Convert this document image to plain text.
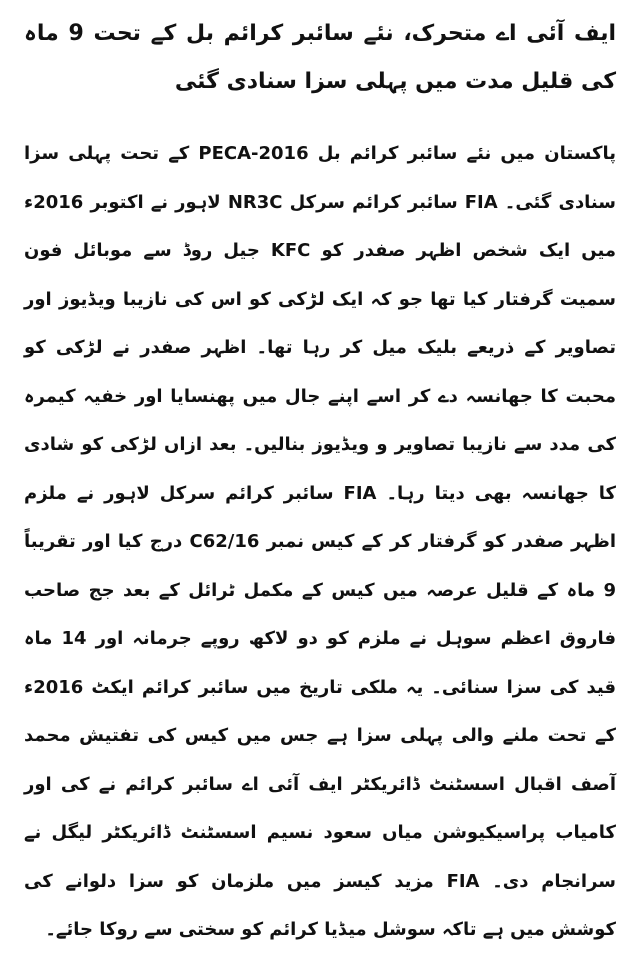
ایف آئی اے متحرک، نئے سائبر کرائم بل کے تحت 9 ماہ کی قلیل مدت میں پہلی سزا سنادی گئی

پاکستان میں نئے سائبر کرائم بل PECA-2016 کے تحت پہلی سزا سنادی گئی۔ FIA سائبر کرائم سرکل NR3C لاہور نے اکتوبر 2016ء میں ایک شخص اظہر صفدر کو KFC جیل روڈ سے موبائل فون سمیت گرفتار کیا تھا جو کہ ایک لڑکی کو اس کی نازیبا ویڈیوز اور تصاویر کے ذریعے بلیک میل کر رہا تھا۔ اظہر صفدر نے لڑکی کو محبت کا جھانسہ دے کر اسے اپنے جال میں پھنسایا اور خفیہ کیمرہ کی مدد سے نازیبا تصاویر و ویڈیوز بنالیں۔ بعد ازاں لڑکی کو شادی کا جھانسہ بھی دیتا رہا۔ FIA سائبر کرائم سرکل لاہور نے ملزم اظہر صفدر کو گرفتار کر کے کیس نمبر C62/16 درج کیا اور تقریباً 9 ماہ کے قلیل عرصہ میں کیس کے مکمل ٹرائل کے بعد جج صاحب فاروق اعظم سوہل نے ملزم کو دو لاکھ روپے جرمانہ اور 14 ماہ قید کی سزا سنائی۔ یہ ملکی تاریخ میں سائبر کرائم ایکٹ 2016ء کے تحت ملنے والی پہلی سزا ہے جس میں کیس کی تفتیش محمد آصف اقبال اسسٹنٹ ڈائریکٹر ایف آئی اے سائبر کرائم نے کی اور کامیاب پراسیکیوشن میاں سعود نسیم اسسٹنٹ ڈائریکٹر لیگل نے سرانجام دی۔ FIA مزید کیسز میں ملزمان کو سزا دلوانے کی کوشش میں ہے تاکہ سوشل میڈیا کرائم کو سختی سے روکا جائے۔
